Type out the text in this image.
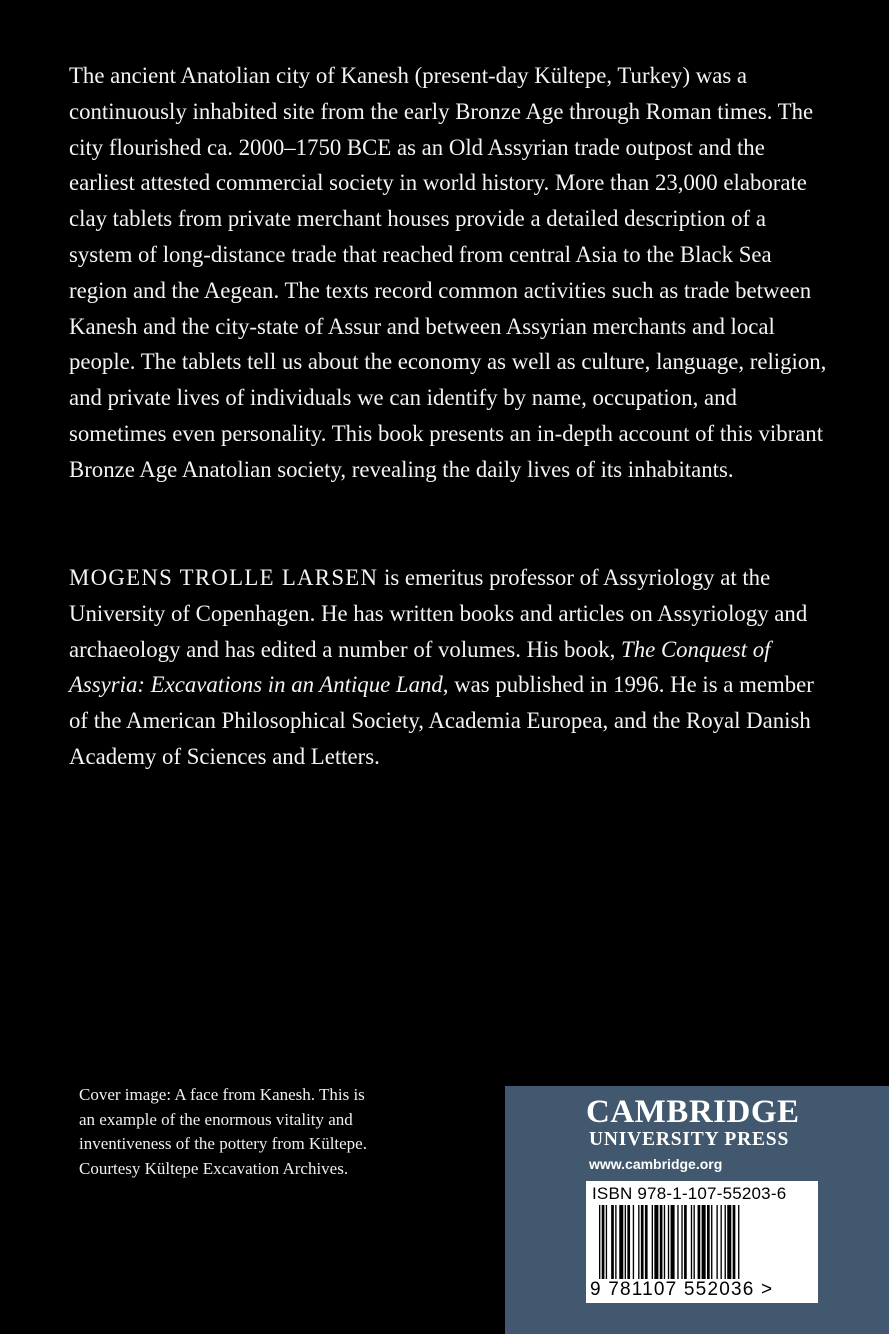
The ancient Anatolian city of Kanesh (present-day Kültepe, Turkey) was a continuously inhabited site from the early Bronze Age through Roman times. The city flourished ca. 2000–1750 BCE as an Old Assyrian trade outpost and the earliest attested commercial society in world history. More than 23,000 elaborate clay tablets from private merchant houses provide a detailed description of a system of long-distance trade that reached from central Asia to the Black Sea region and the Aegean. The texts record common activities such as trade between Kanesh and the city-state of Assur and between Assyrian merchants and local people. The tablets tell us about the economy as well as culture, language, religion, and private lives of individuals we can identify by name, occupation, and sometimes even personality. This book presents an in-depth account of this vibrant Bronze Age Anatolian society, revealing the daily lives of its inhabitants.

MOGENS TROLLE LARSEN is emeritus professor of Assyriology at the University of Copenhagen. He has written books and articles on Assyriology and archaeology and has edited a number of volumes. His book, The Conquest of Assyria: Excavations in an Antique Land, was published in 1996. He is a member of the American Philosophical Society, Academia Europea, and the Royal Danish Academy of Sciences and Letters.

Cover image: A face from Kanesh. This is
an example of the enormous vitality and
inventiveness of the pottery from Kültepe.
Courtesy Kültepe Excavation Archives.
CAMBRIDGE
UNIVERSITY PRESS
www.cambridge.org
ISBN 978-1-107-55203-6
9 781107 552036 >
